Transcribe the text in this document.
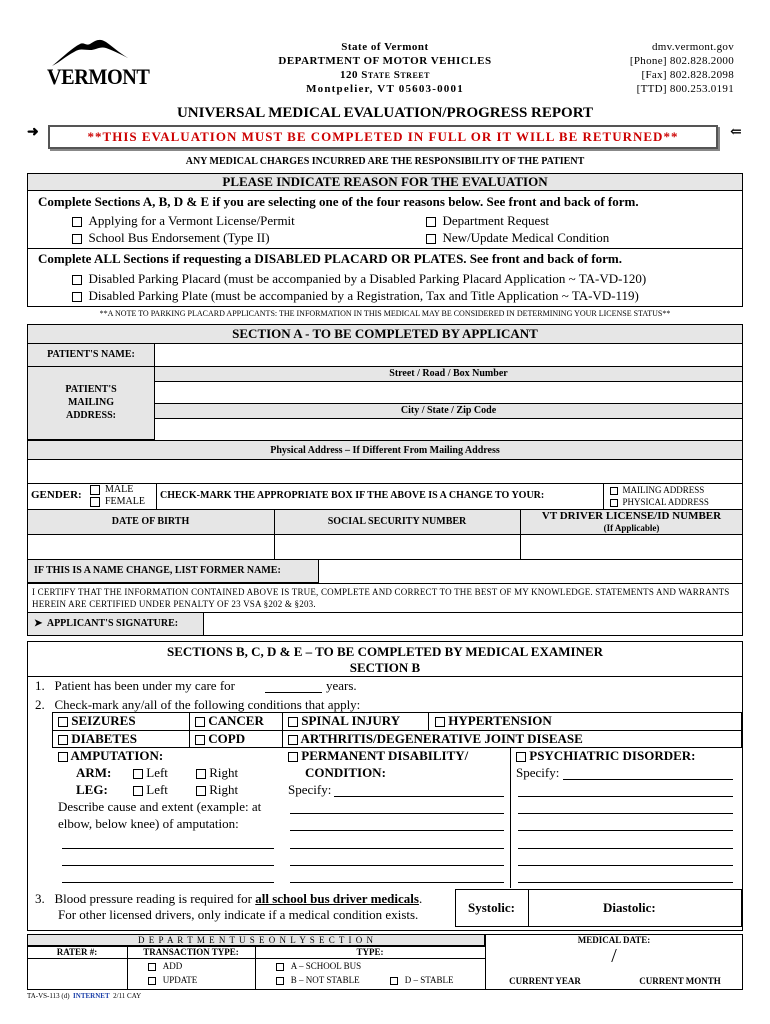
VERMONT
State of Vermont
DEPARTMENT OF MOTOR VEHICLES
120 State Street
Montpelier, VT 05603-0001
dmv.vermont.gov
[Phone] 802.828.2000
[Fax] 802.828.2098
[TTD] 800.253.0191
UNIVERSAL MEDICAL EVALUATION/PROGRESS REPORT
➜	**THIS EVALUATION MUST BE COMPLETED IN FULL OR IT WILL BE RETURNED**	⇐
ANY MEDICAL CHARGES INCURRED ARE THE RESPONSIBILITY OF THE PATIENT
PLEASE INDICATE REASON FOR THE EVALUATION
Complete Sections A, B, D & E if you are selecting one of the four reasons below. See front and back of form.
Applying for a Vermont License/Permit	Department Request
School Bus Endorsement (Type II)	New/Update Medical Condition
Complete ALL Sections if requesting a DISABLED PLACARD OR PLATES. See front and back of form.
Disabled Parking Placard (must be accompanied by a Disabled Parking Placard Application ~ TA-VD-120)
Disabled Parking Plate (must be accompanied by a Registration, Tax and Title Application ~ TA-VD-119)
**A NOTE TO PARKING PLACARD APPLICANTS: THE INFORMATION IN THIS MEDICAL MAY BE CONSIDERED IN DETERMINING YOUR LICENSE STATUS**
SECTION A - TO BE COMPLETED BY APPLICANT
PATIENT'S NAME:
PATIENT'S
MAILING
ADDRESS:
Street / Road / Box Number
City / State / Zip Code
Physical Address – If Different From Mailing Address
GENDER:	MALE
FEMALE
CHECK-MARK THE APPROPRIATE BOX IF THE ABOVE IS A CHANGE TO YOUR:	MAILING ADDRESS
PHYSICAL ADDRESS
DATE OF BIRTH	SOCIAL SECURITY NUMBER	VT DRIVER LICENSE/ID NUMBER
(If Applicable)
IF THIS IS A NAME CHANGE, LIST FORMER NAME:
I CERTIFY THAT THE INFORMATION CONTAINED ABOVE IS TRUE, COMPLETE AND CORRECT TO THE BEST OF MY KNOWLEDGE. STATEMENTS AND WARRANTS HEREIN ARE CERTIFIED UNDER PENALTY OF 23 VSA §202 & §203.
➤ APPLICANT'S SIGNATURE:
SECTIONS B, C, D & E – TO BE COMPLETED BY MEDICAL EXAMINER
SECTION B
1. Patient has been under my care for	years.
2. Check-mark any/all of the following conditions that apply:
SEIZURES	CANCER	SPINAL INJURY	HYPERTENSION
DIABETES	COPD	ARTHRITIS/DEGENERATIVE JOINT DISEASE
AMPUTATION:
ARM:	Left	Right
LEG:	Left	Right
Describe cause and extent (example: at elbow, below knee) of amputation:
PERMANENT DISABILITY/
CONDITION:
Specify:
PSYCHIATRIC DISORDER:
Specify:
3. Blood pressure reading is required for all school bus driver medicals.
For other licensed drivers, only indicate if a medical condition exists.	Systolic:	Diastolic:
D E P A R T M E N T U S E O N L Y S E C T I O N
RATER #:	TRANSACTION TYPE:	TYPE:
ADD
UPDATE
A – SCHOOL BUS
B – NOT STABLE	D – STABLE
MEDICAL DATE:
/
CURRENT YEAR	CURRENT MONTH
TA-VS-113 (d) INTERNET 2/11 CAY
